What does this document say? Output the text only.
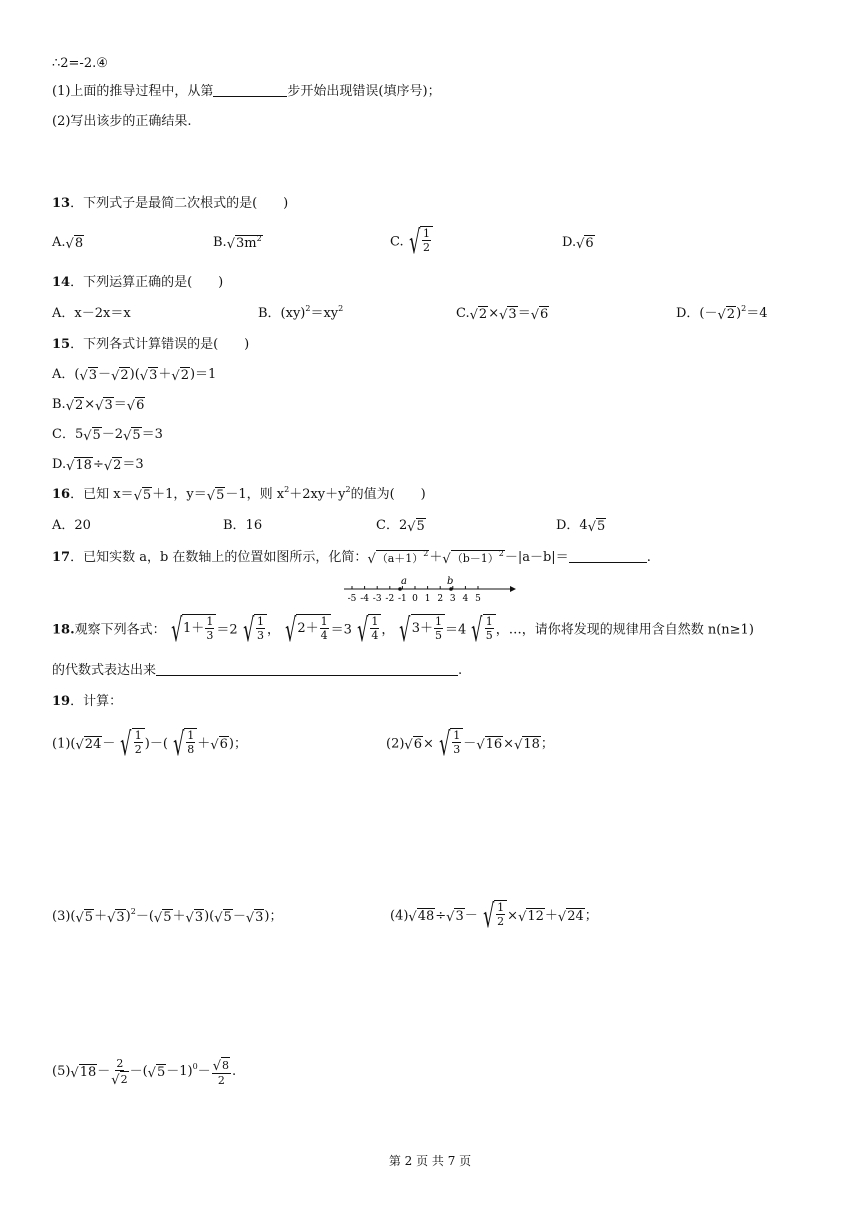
∴2=-2.④
(1)上面的推导过程中，从第	步开始出现错误(填序号)；
(2)写出该步的正确结果.
13．下列式子是最简二次根式的是(　　)
A. √ 8	B. √ $3m^2$	C. √ $\frac{1}{2}$	D. √ 6
14．下列运算正确的是(　　)
A．x－2x＝x	B．$(xy)^2=xy^2$	C. √ 2 × √ 3 ＝ √ 6	D．(－ √ 2 )$^2$＝4
15．下列各式计算错误的是(　　)
A．( √ 3 － √ 2 )( √ 3 ＋ √ 2 )＝1
B. √ 2 × √ 3 ＝ √ 6
C．5 √ 5 －2 √ 5 ＝3
D. √ 18 ÷ √ 2 ＝3
16．已知 x＝ √ 5 ＋1，y＝ √ 5 －1，则 $x^2+2xy+y^2$的值为(　　)
A．20	B．16	C．2 √ 5	D．4 √ 5
17．已知实数 a，b 在数轴上的位置如图所示，化简： √ $(a+1)^2$ ＋ √ $(b-1)^2 -|a-b|=$	.
-5 -4 -3 -2 -1 0 1 2 3 4 5
a	b
18.观察下列各式： √ $1+ \frac{1}{3} =2$ √ $\frac{1}{3}$ ， √ $2+ \frac{1}{4} =3$ √ $\frac{1}{4}$ ， √ $3+ \frac{1}{5} =4$ √ $\frac{1}{5}$ ，…，请你将发现的规律用含自然数 n(n≥1)
的代数式表达出来	.
19．计算：
(1)( √ 24 － √ $\frac{1}{2}$ )－( √ $\frac{1}{8}$ ＋ √ 6 )；	(2) √ 6 × √ $\frac{1}{3}$ － √ 16 × √ 18 ；
(3)( √ 5 ＋ √ 3 )$^2$－( √ 5 ＋ √ 3 )( √ 5 － √ 3 )；	(4) √ 48 ÷ √ 3 － √ $\frac{1}{2}$ × √ 12 ＋ √ 24 ；
(5) √ $18 - \frac{2}{√ 2}$ －( √ $5 -1)^0- \frac{√ 8}{2}$ .
第 2 页 共 7 页
